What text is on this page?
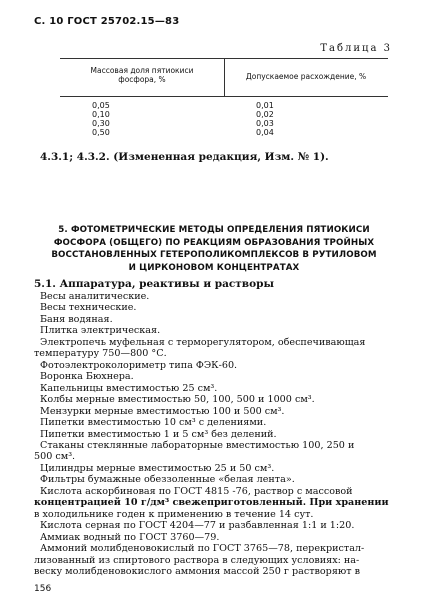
С. 10 ГОСТ 25702.15—83
Таблица 3
Массовая доля пятиокиси
фосфора, %	Допускаемое расхождение, %
0,05	0,01
0,10	0,02
0,30	0,03
0,50	0,04
4.3.1; 4.3.2. (Измененная редакция, Изм. № 1).
5. ФОТОМЕТРИЧЕСКИЕ МЕТОДЫ ОПРЕДЕЛЕНИЯ ПЯТИОКИСИ
ФОСФОРА (ОБЩЕГО) ПО РЕАКЦИЯМ ОБРАЗОВАНИЯ ТРОЙНЫХ
ВОССТАНОВЛЕННЫХ ГЕТЕРОПОЛИКОМПЛЕКСОВ В РУТИЛОВОМ
И ЦИРКОНОВОМ КОНЦЕНТРАТАХ
5.1. Аппаратура, реактивы и растворы
Весы аналитические.
Весы технические.
Баня водяная.
Плитка электрическая.
Электропечь муфельная с терморегулятором, обеспечивающая
температуру 750—800 °С.
Фотоэлектроколориметр типа ФЭК-60.
Воронка Бюхнера.
Капельницы вместимостью 25 см³.
Колбы мерные вместимостью 50, 100, 500 и 1000 см³.
Мензурки мерные вместимостью 100 и 500 см³.
Пипетки вместимостью 10 см³ с делениями.
Пипетки вместимостью 1 и 5 см³ без делений.
Стаканы стеклянные лабораторные вместимостью 100, 250 и
500 см³.
Цилиндры мерные вместимостью 25 и 50 см³.
Фильтры бумажные обеззоленные «белая лента».
Кислота аскорбиновая по ГОСТ 4815 -76, раствор с массовой
концентрацией 10 г/дм³ свежеприготовленный. При хранении
в холодильнике годен к применению в течение 14 сут.
Кислота серная по ГОСТ 4204—77 и разбавленная 1:1 и 1:20.
Аммиак водный по ГОСТ 3760—79.
Аммоний молибденовокислый по ГОСТ 3765—78, перекристал-
лизованный из спиртового раствора в следующих условиях: на-
веску молибденовокислого аммония массой 250 г растворяют в
156
